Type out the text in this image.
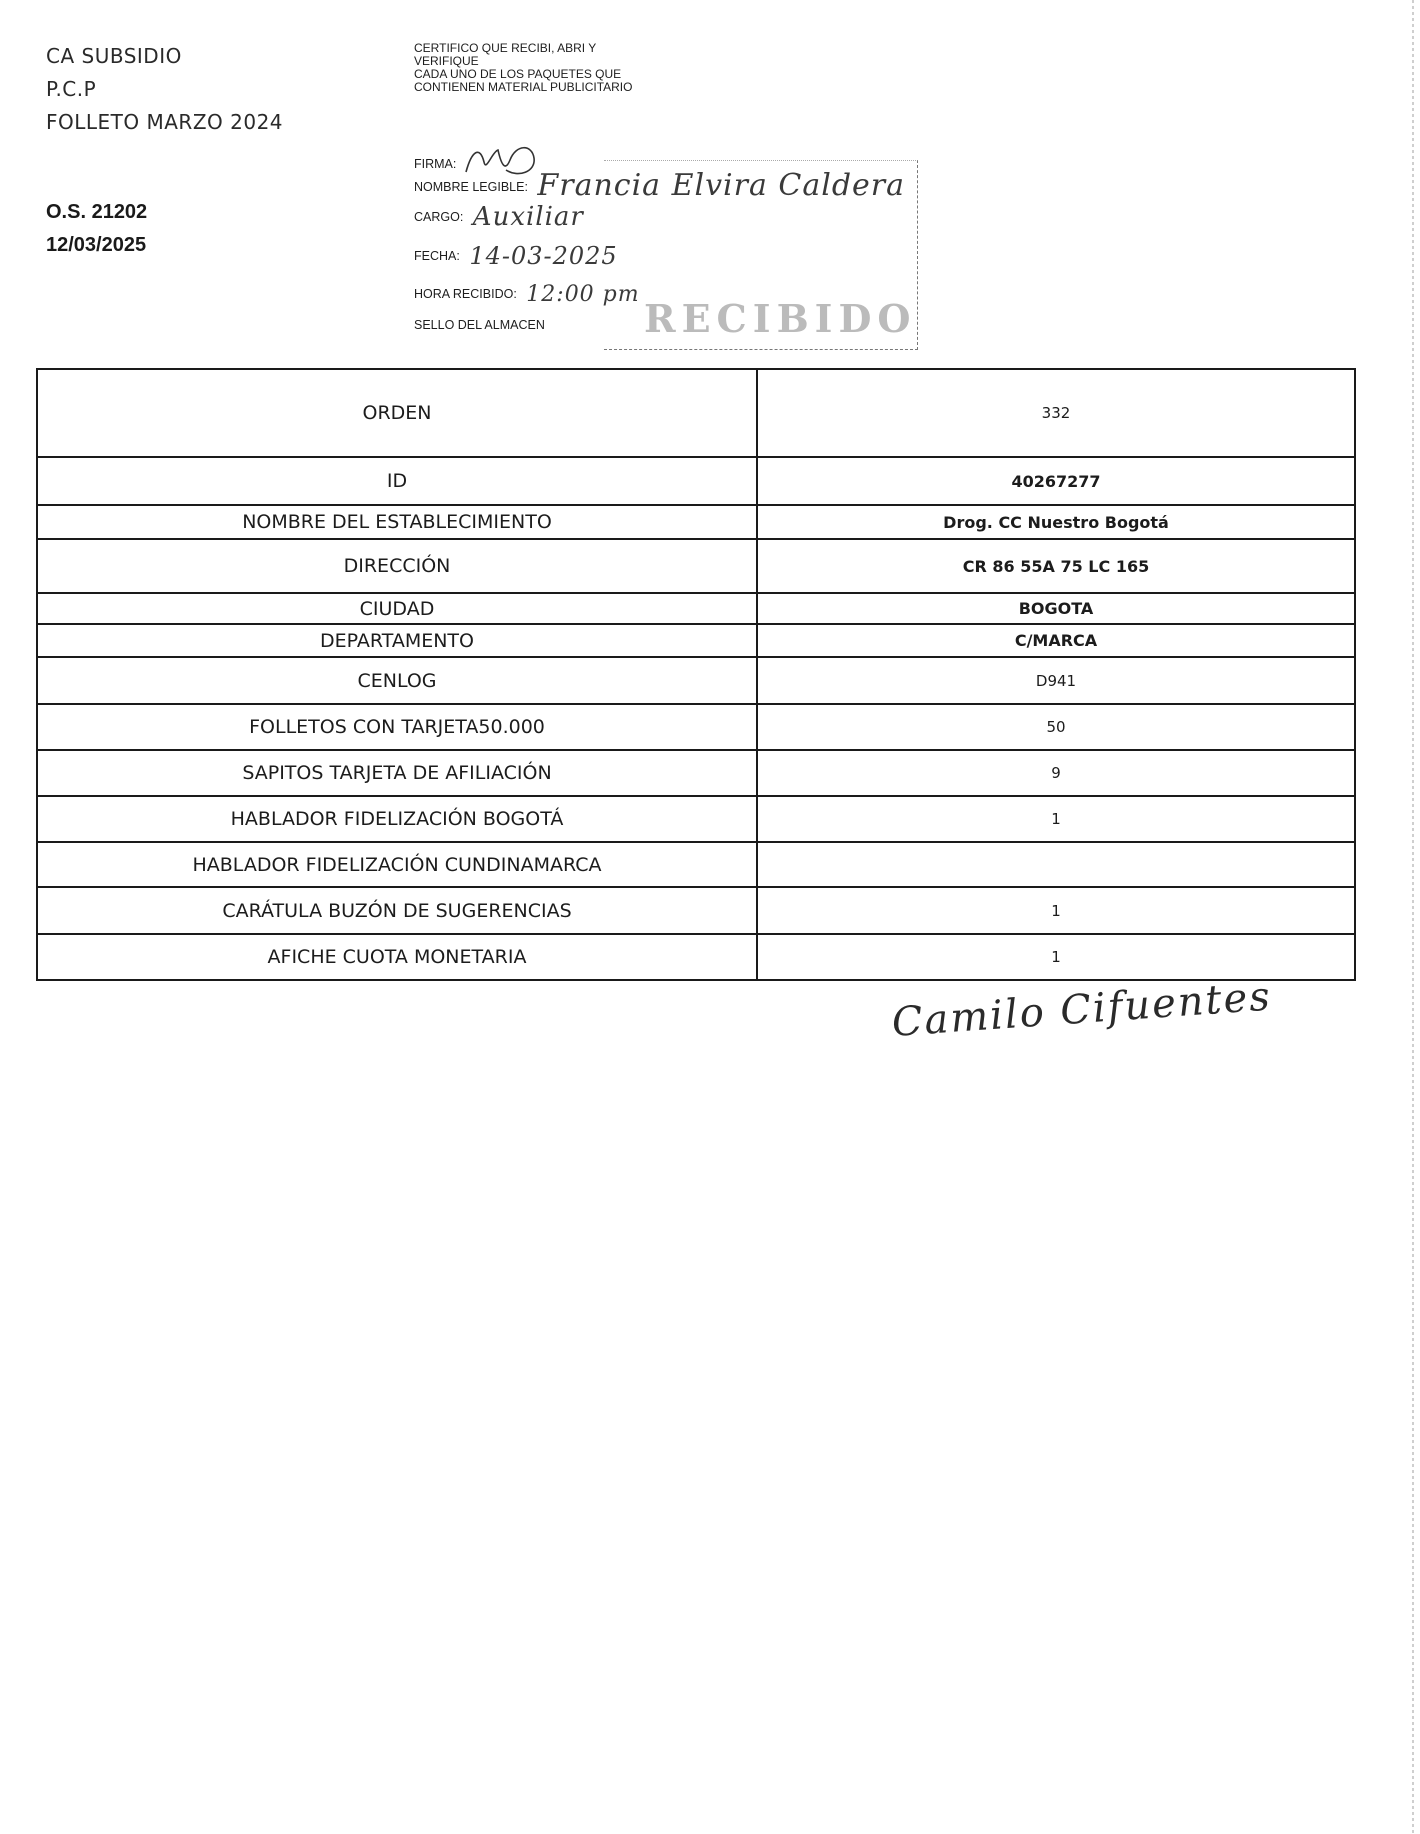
CA SUBSIDIO
P.C.P
FOLLETO MARZO 2024
O.S. 21202
12/03/2025
CERTIFICO QUE RECIBI, ABRI Y
VERIFIQUE
CADA UNO DE LOS PAQUETES QUE
CONTIENEN MATERIAL PUBLICITARIO
FIRMA:
NOMBRE LEGIBLE: Francia Elvira Caldera
CARGO: Auxiliar
FECHA: 14-03-2025
HORA RECIBIDO: 12:00 pm
SELLO DEL ALMACEN	RECIBIDO
ORDEN	332
ID	40267277
NOMBRE DEL ESTABLECIMIENTO	Drog. CC Nuestro Bogotá
DIRECCIÓN	CR 86 55A 75 LC 165
CIUDAD	BOGOTA
DEPARTAMENTO	C/MARCA
CENLOG	D941
FOLLETOS CON TARJETA50.000	50
SAPITOS TARJETA DE AFILIACIÓN	9
HABLADOR FIDELIZACIÓN BOGOTÁ	1
HABLADOR FIDELIZACIÓN CUNDINAMARCA	
CARÁTULA BUZÓN DE SUGERENCIAS	1
AFICHE CUOTA MONETARIA	1
Camilo Cifuentes
